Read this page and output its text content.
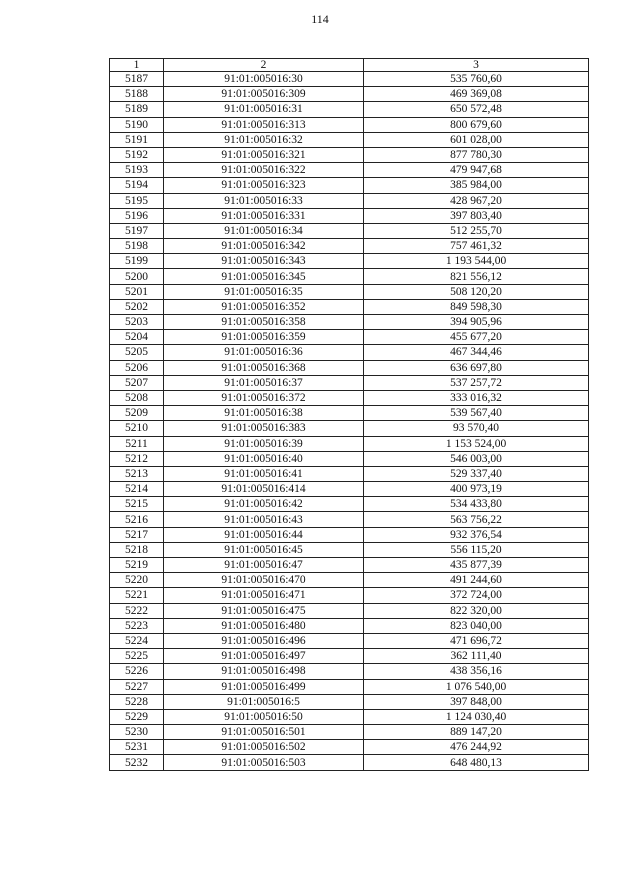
114
1	2	3
5187	91:01:005016:30	535 760,60
5188	91:01:005016:309	469 369,08
5189	91:01:005016:31	650 572,48
5190	91:01:005016:313	800 679,60
5191	91:01:005016:32	601 028,00
5192	91:01:005016:321	877 780,30
5193	91:01:005016:322	479 947,68
5194	91:01:005016:323	385 984,00
5195	91:01:005016:33	428 967,20
5196	91:01:005016:331	397 803,40
5197	91:01:005016:34	512 255,70
5198	91:01:005016:342	757 461,32
5199	91:01:005016:343	1 193 544,00
5200	91:01:005016:345	821 556,12
5201	91:01:005016:35	508 120,20
5202	91:01:005016:352	849 598,30
5203	91:01:005016:358	394 905,96
5204	91:01:005016:359	455 677,20
5205	91:01:005016:36	467 344,46
5206	91:01:005016:368	636 697,80
5207	91:01:005016:37	537 257,72
5208	91:01:005016:372	333 016,32
5209	91:01:005016:38	539 567,40
5210	91:01:005016:383	93 570,40
5211	91:01:005016:39	1 153 524,00
5212	91:01:005016:40	546 003,00
5213	91:01:005016:41	529 337,40
5214	91:01:005016:414	400 973,19
5215	91:01:005016:42	534 433,80
5216	91:01:005016:43	563 756,22
5217	91:01:005016:44	932 376,54
5218	91:01:005016:45	556 115,20
5219	91:01:005016:47	435 877,39
5220	91:01:005016:470	491 244,60
5221	91:01:005016:471	372 724,00
5222	91:01:005016:475	822 320,00
5223	91:01:005016:480	823 040,00
5224	91:01:005016:496	471 696,72
5225	91:01:005016:497	362 111,40
5226	91:01:005016:498	438 356,16
5227	91:01:005016:499	1 076 540,00
5228	91:01:005016:5	397 848,00
5229	91:01:005016:50	1 124 030,40
5230	91:01:005016:501	889 147,20
5231	91:01:005016:502	476 244,92
5232	91:01:005016:503	648 480,13
